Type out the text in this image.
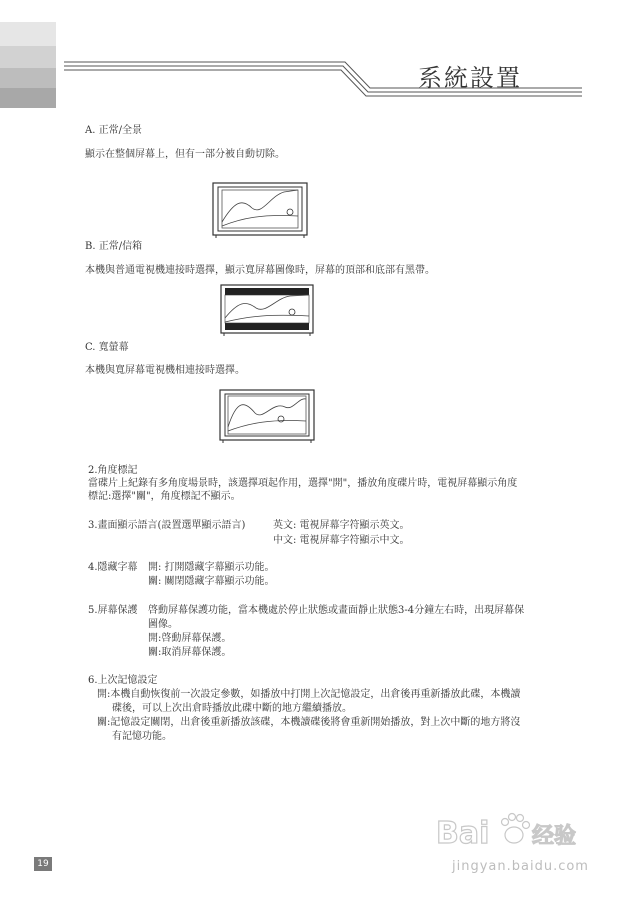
系統設置
A. 正常/全景
顯示在整個屏幕上，但有一部分被自動切除。
B. 正常/信箱
本機與普通電視機連接時選擇，顯示寬屏幕圖像時，屏幕的頂部和底部有黑帶。
C. 寬螢幕
本機與寬屏幕電視機相連接時選擇。
2.角度標記
當碟片上紀錄有多角度場景時，該選擇項起作用，選擇"開"，播放角度碟片時，電視屏幕顯示角度
標記:選擇"關"，角度標記不顯示。
3.畫面顯示語言(設置選單顯示語言)	英文: 電視屏幕字符顯示英文。
中文: 電視屏幕字符顯示中文。
4.隱藏字幕 開: 打開隱藏字幕顯示功能。
關: 關閉隱藏字幕顯示功能。
5.屏幕保護 啓動屏幕保護功能，當本機處於停止狀態或畫面靜止狀態3-4分鐘左右時，出現屏幕保
圖像。
開:啓動屏幕保護。
關:取消屏幕保護。
6.上次記憶設定
開:本機自動恢復前一次設定參數，如播放中打開上次記憶設定，出倉後再重新播放此碟，本機讀
碟後，可以上次出倉時播放此碟中斷的地方繼續播放。
關:記憶設定關閉，出倉後重新播放該碟，本機讀碟後將會重新開始播放，對上次中斷的地方將沒
有記憶功能。
19
Bai 经验
jingyan.baidu.com
